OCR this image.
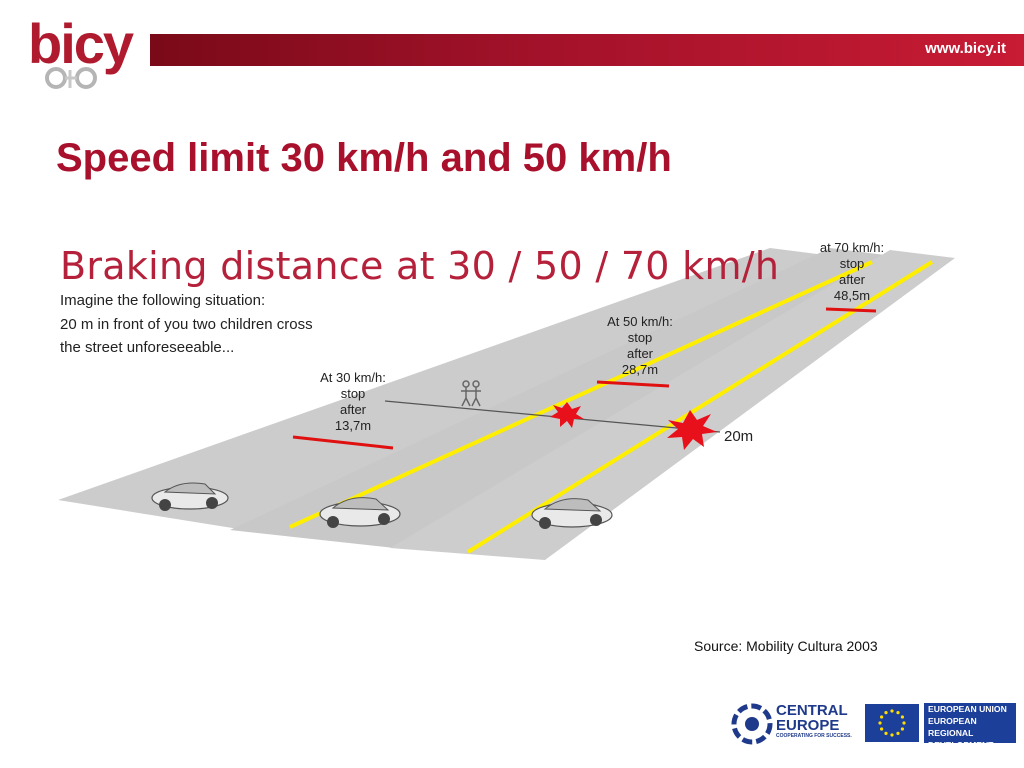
bicy	www.bicy.it
Speed limit 30 km/h and 50 km/h
Braking distance at 30 / 50 / 70 km/h
Imagine the following situation:
20 m in front of you two children cross
the street unforeseeable...
At 30 km/h:
stop
after
13,7m
At 50 km/h:
stop
after
28,7m
at 70 km/h:
stop
after
48,5m
20m
Source: Mobility Cultura 2003
CENTRAL
EUROPE
COOPERATING FOR SUCCESS.
EUROPEAN UNION
EUROPEAN REGIONAL
DEVELOPMENT FUND
